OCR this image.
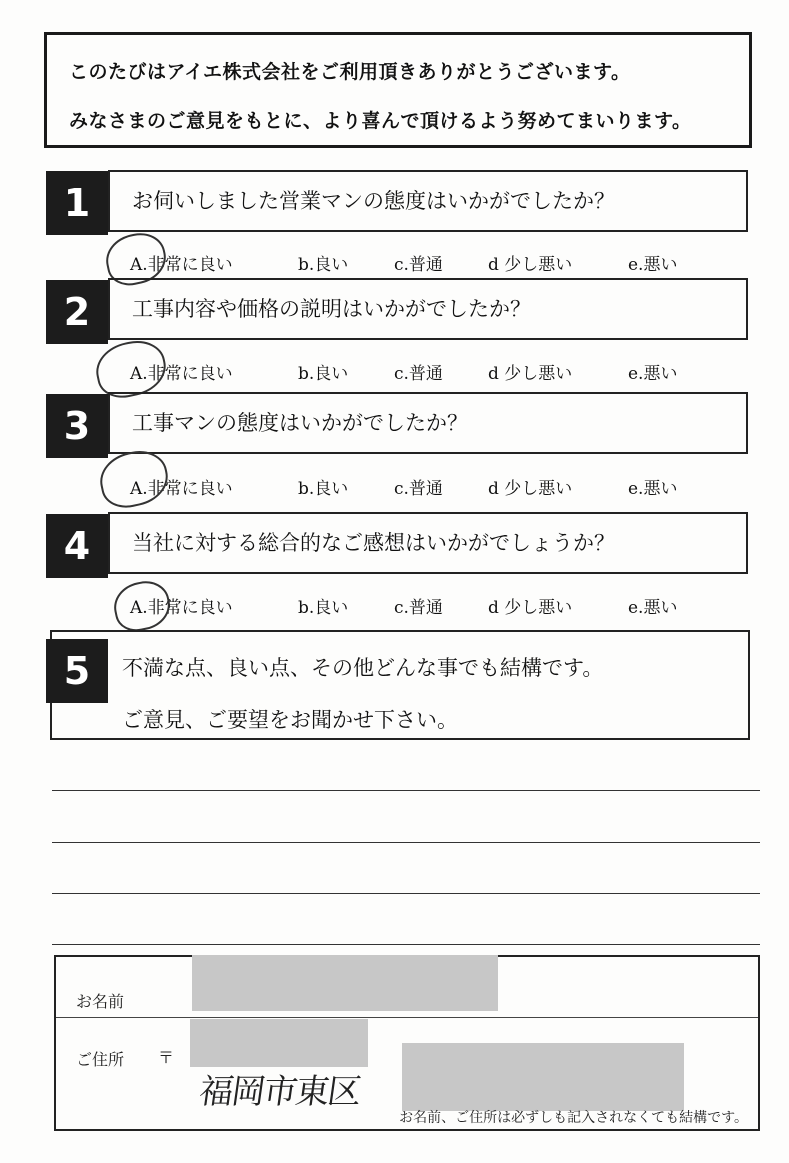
このたびはアイエ株式会社をご利用頂きありがとうございます。

みなさまのご意見をもとに、より喜んで頂けるよう努めてまいります。

1	お伺いしました営業マンの態度はいかがでしたか？
A.非常に良い	b.良い	c.普通	d 少し悪い	e.悪い
2	工事内容や価格の説明はいかがでしたか？
A.非常に良い	b.良い	c.普通	d 少し悪い	e.悪い
3	工事マンの態度はいかがでしたか？
A.非常に良い	b.良い	c.普通	d 少し悪い	e.悪い
4	当社に対する総合的なご感想はいかがでしょうか？
A.非常に良い	b.良い	c.普通	d 少し悪い	e.悪い
不満な点、良い点、その他どんな事でも結構です。
ご意見、ご要望をお聞かせ下さい。
5
お名前
ご住所 〒
お名前、ご住所は必ずしも記入されなくても結構です。
福岡市東区
